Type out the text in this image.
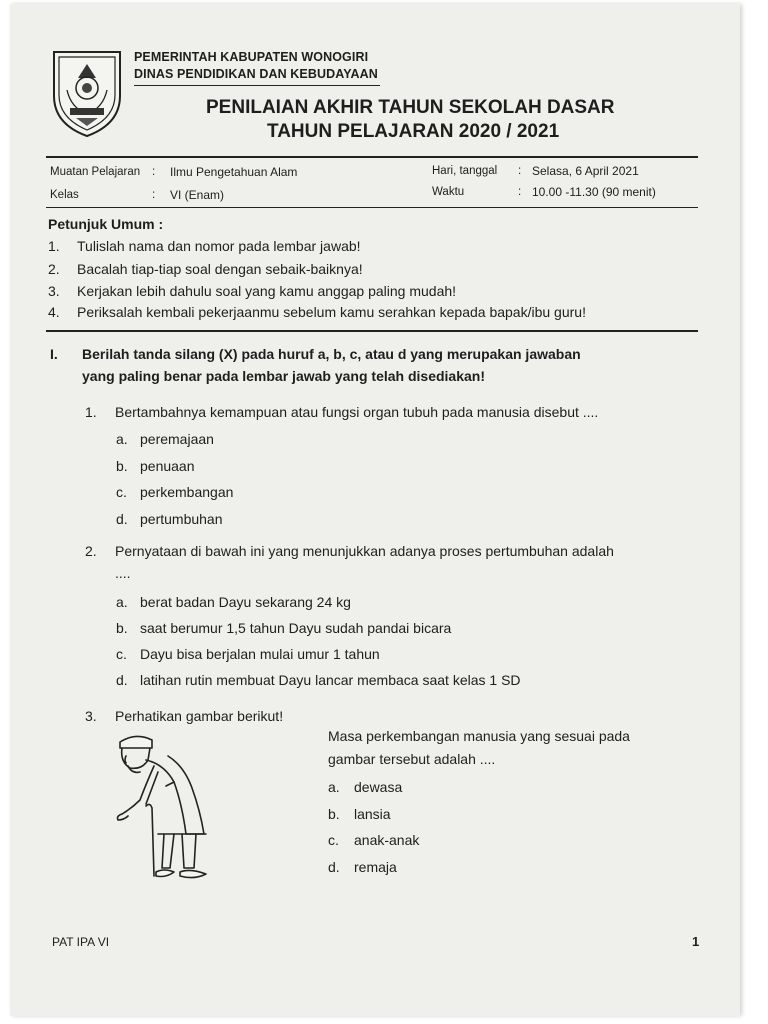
PEMERINTAH KABUPATEN WONOGIRI
DINAS PENDIDIKAN DAN KEBUDAYAAN
PENILAIAN AKHIR TAHUN SEKOLAH DASAR
TAHUN PELAJARAN 2020 / 2021
Muatan Pelajaran : Ilmu Pengetahuan Alam
Kelas	: VI (Enam)
Hari, tanggal : Selasa, 6 April 2021
Waktu	: 10.00 -11.30 (90 menit)
Petunjuk Umum :
1. Tulislah nama dan nomor pada lembar jawab!
2. Bacalah tiap-tiap soal dengan sebaik-baiknya!
3. Kerjakan lebih dahulu soal yang kamu anggap paling mudah!
4. Periksalah kembali pekerjaanmu sebelum kamu serahkan kepada bapak/ibu guru!
I. Berilah tanda silang (X) pada huruf a, b, c, atau d yang merupakan jawaban
yang paling benar pada lembar jawab yang telah disediakan!
1. Bertambahnya kemampuan atau fungsi organ tubuh pada manusia disebut ....
a. peremajaan
b. penuaan
c. perkembangan
d. pertumbuhan
2. Pernyataan di bawah ini yang menunjukkan adanya proses pertumbuhan adalah
....
a. berat badan Dayu sekarang 24 kg
b. saat berumur 1,5 tahun Dayu sudah pandai bicara
c. Dayu bisa berjalan mulai umur 1 tahun
d. latihan rutin membuat Dayu lancar membaca saat kelas 1 SD
3. Perhatikan gambar berikut!
Masa perkembangan manusia yang sesuai pada
gambar tersebut adalah ....
a. dewasa
b. lansia
c. anak-anak
d. remaja
PAT IPA VI	1
